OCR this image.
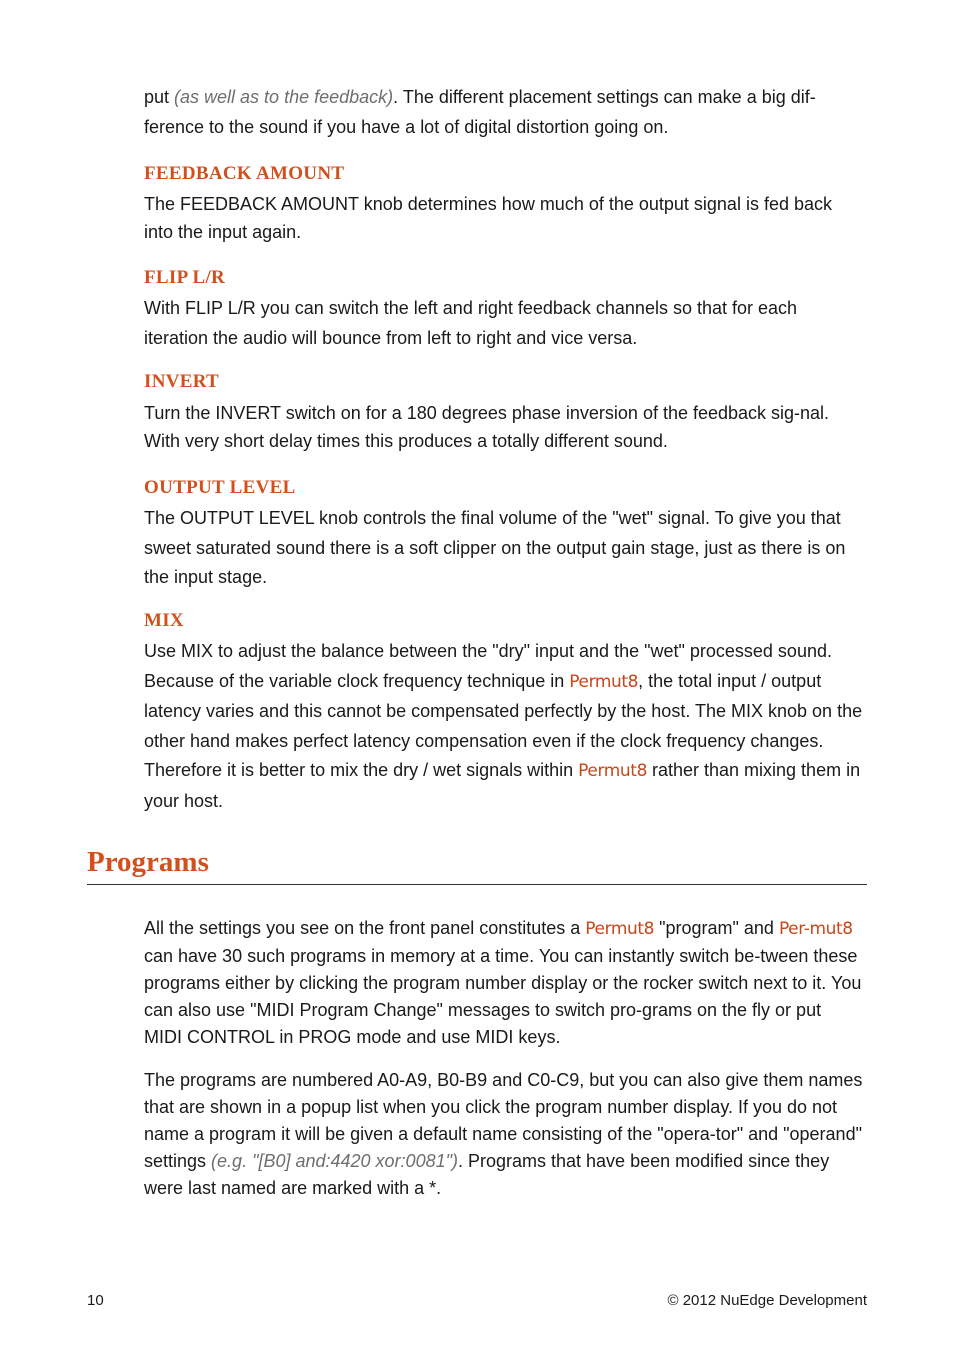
put (as well as to the feedback). The different placement settings can make a big dif-ference to the sound if you have a lot of digital distortion going on.

FEEDBACK AMOUNT

The FEEDBACK AMOUNT knob determines how much of the output signal is fed back into the input again.

FLIP L/R

With FLIP L/R you can switch the left and right feedback channels so that for each iteration the audio will bounce from left to right and vice versa.

INVERT

Turn the INVERT switch on for a 180 degrees phase inversion of the feedback sig-nal. With very short delay times this produces a totally different sound.

OUTPUT LEVEL

The OUTPUT LEVEL knob controls the final volume of the "wet" signal. To give you that sweet saturated sound there is a soft clipper on the output gain stage, just as there is on the input stage.

MIX

Use MIX to adjust the balance between the "dry" input and the "wet" processed sound. Because of the variable clock frequency technique in Permut8, the total input / output latency varies and this cannot be compensated perfectly by the host. The MIX knob on the other hand makes perfect latency compensation even if the clock frequency changes. Therefore it is better to mix the dry / wet signals within Permut8 rather than mixing them in your host.

Programs

All the settings you see on the front panel constitutes a Permut8 "program" and Per-mut8 can have 30 such programs in memory at a time. You can instantly switch be-tween these programs either by clicking the program number display or the rocker switch next to it. You can also use "MIDI Program Change" messages to switch pro-grams on the fly or put MIDI CONTROL in PROG mode and use MIDI keys.

The programs are numbered A0-A9, B0-B9 and C0-C9, but you can also give them names that are shown in a popup list when you click the program number display. If you do not name a program it will be given a default name consisting of the "opera-tor" and "operand" settings (e.g. "[B0] and:4420 xor:0081"). Programs that have been modified since they were last named are marked with a *.

10	© 2012 NuEdge Development
